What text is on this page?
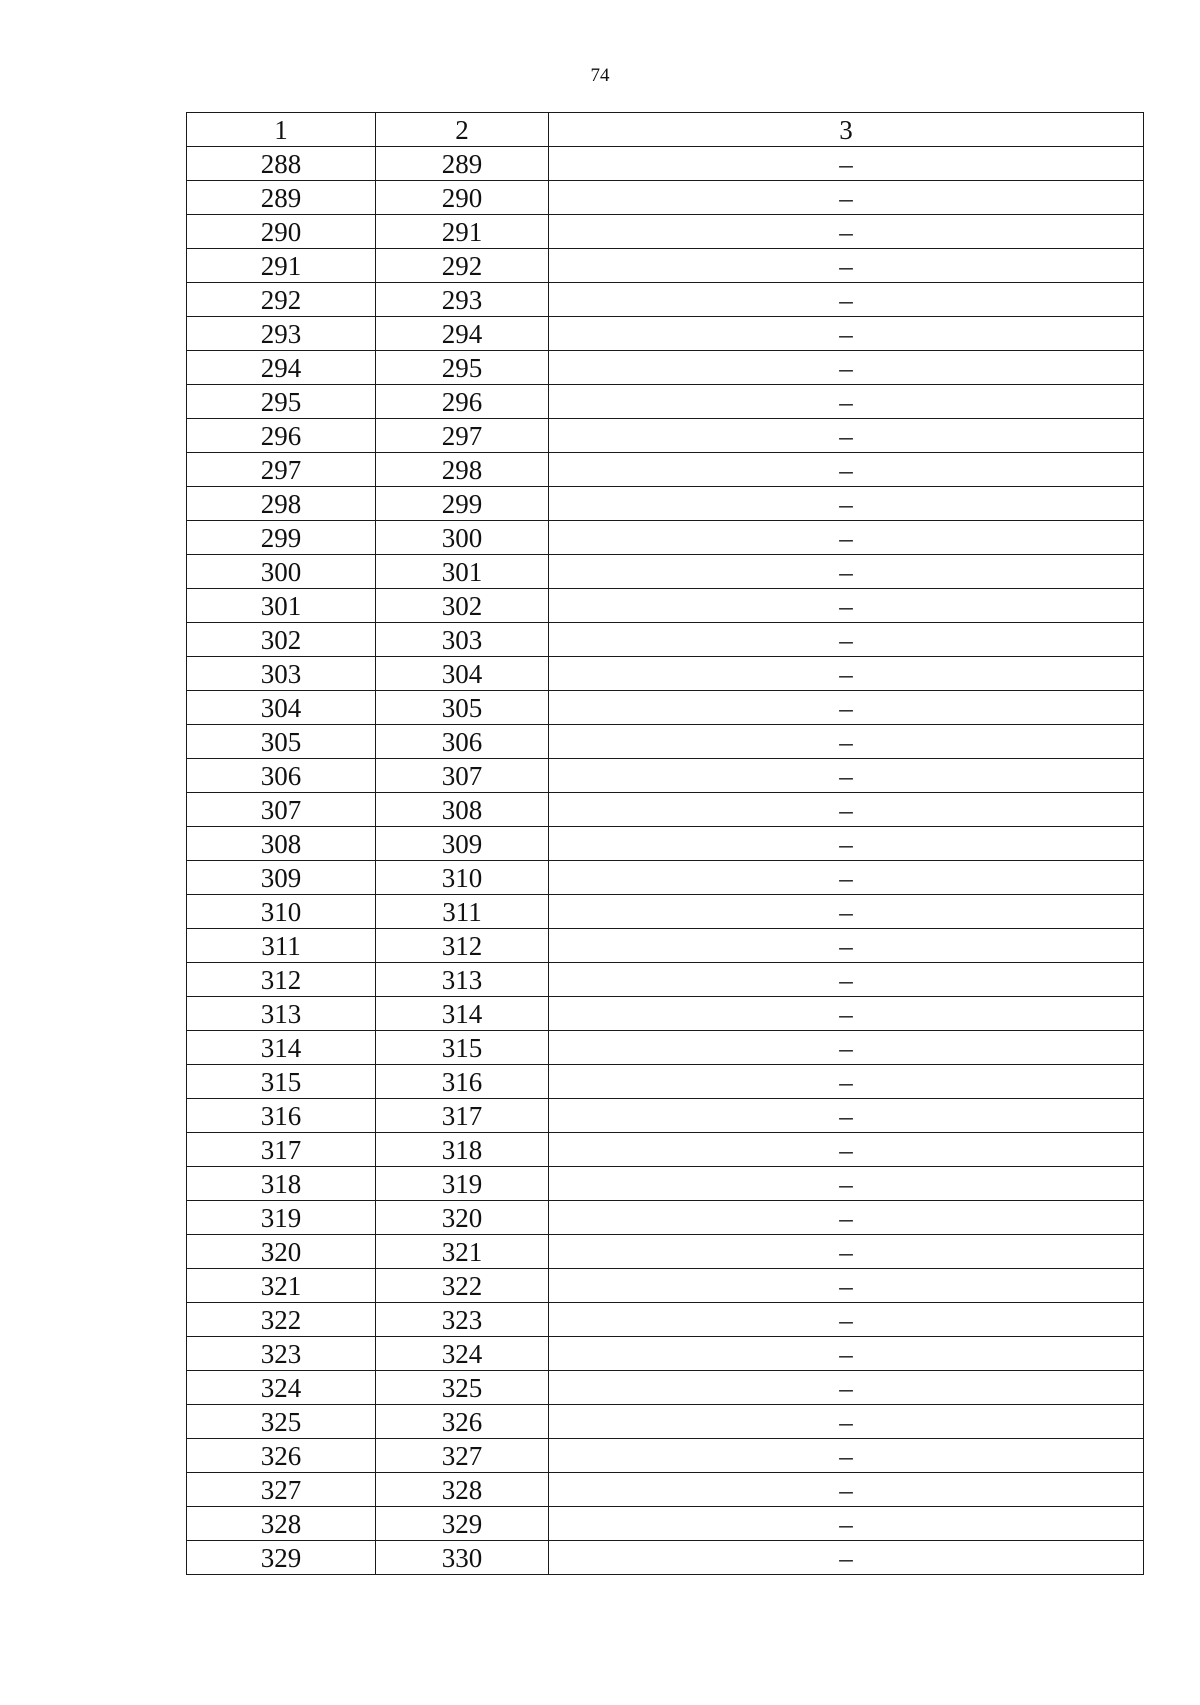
74
1	2	3
288	289	–
289	290	–
290	291	–
291	292	–
292	293	–
293	294	–
294	295	–
295	296	–
296	297	–
297	298	–
298	299	–
299	300	–
300	301	–
301	302	–
302	303	–
303	304	–
304	305	–
305	306	–
306	307	–
307	308	–
308	309	–
309	310	–
310	311	–
311	312	–
312	313	–
313	314	–
314	315	–
315	316	–
316	317	–
317	318	–
318	319	–
319	320	–
320	321	–
321	322	–
322	323	–
323	324	–
324	325	–
325	326	–
326	327	–
327	328	–
328	329	–
329	330	–
